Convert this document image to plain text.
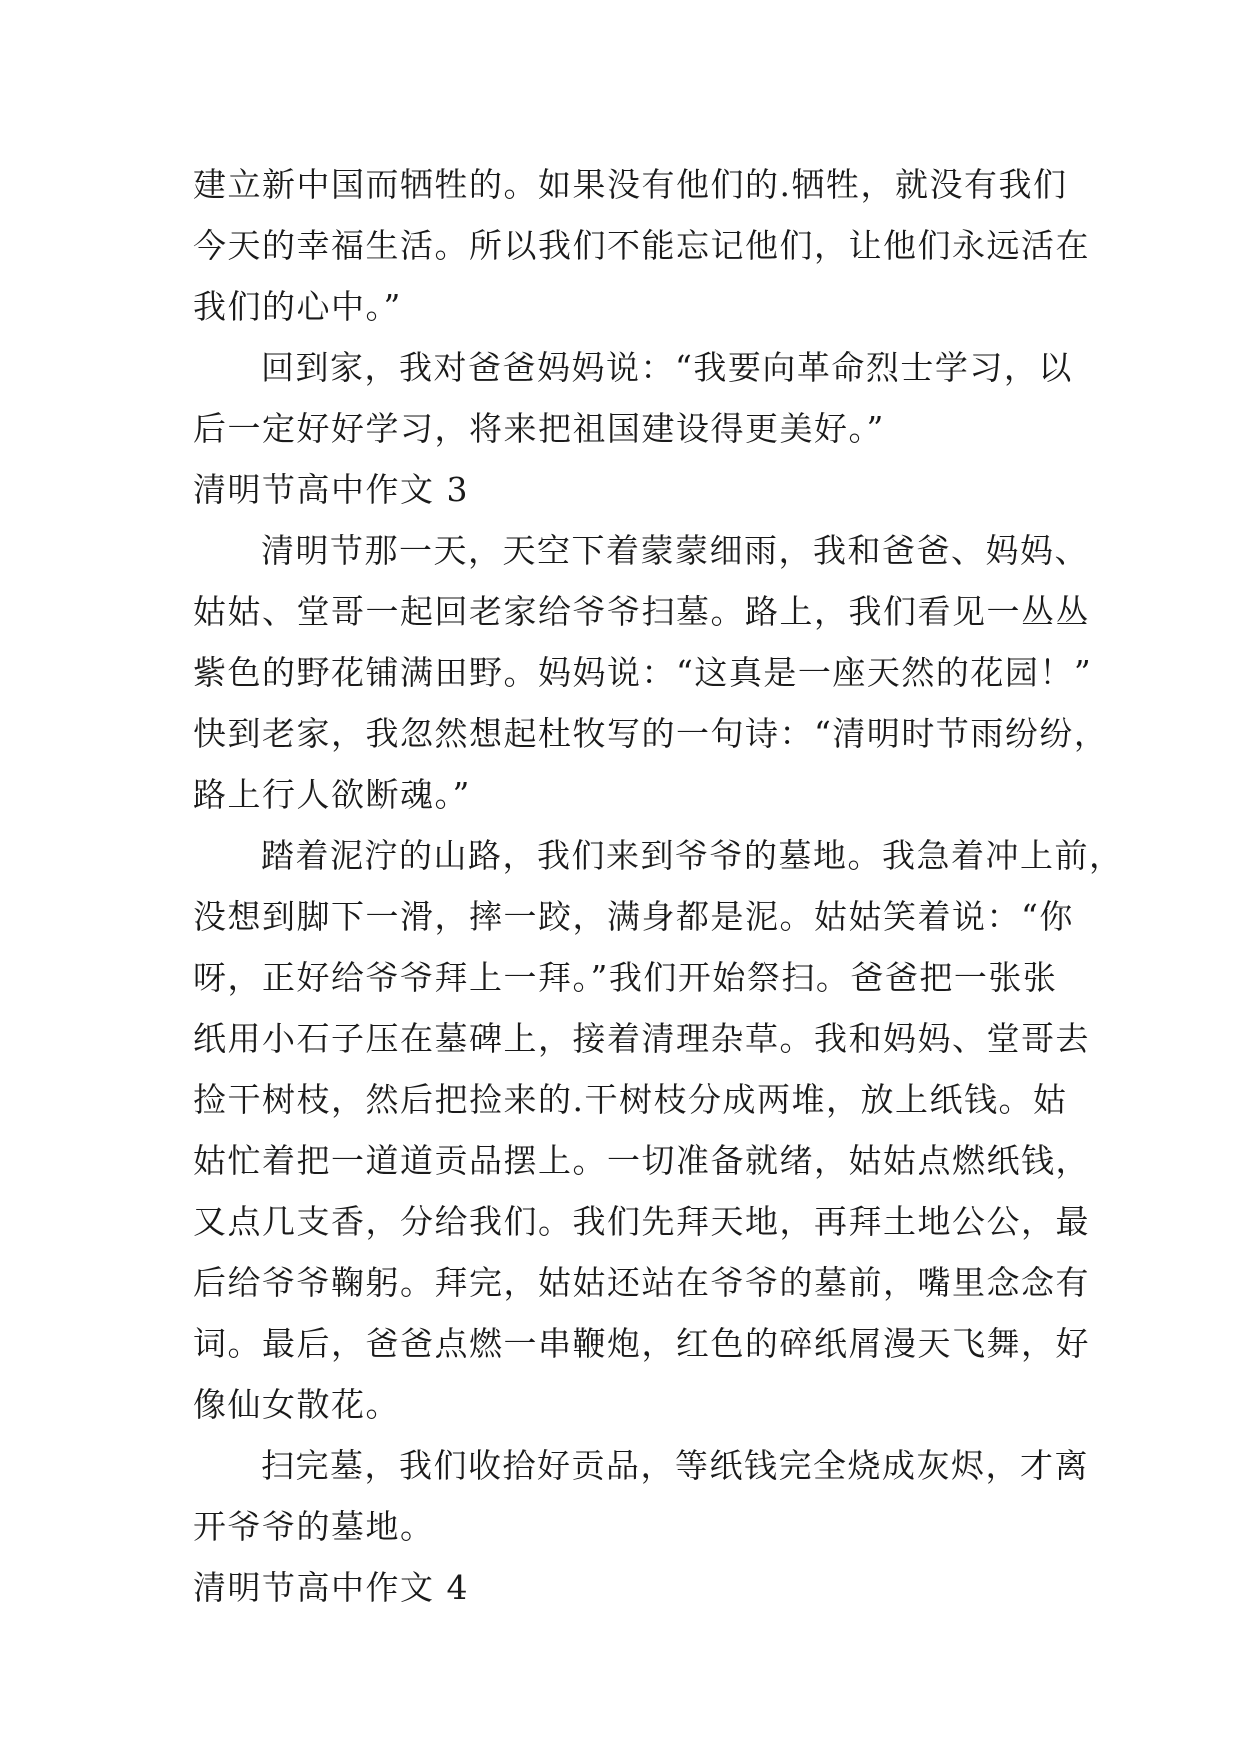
建立新中国而牺牲的。如果没有他们的.牺牲，就没有我们
今天的幸福生活。所以我们不能忘记他们，让他们永远活在
我们的心中。”
回到家，我对爸爸妈妈说：“我要向革命烈士学习，以
后一定好好学习，将来把祖国建设得更美好。”
清明节高中作文 3
清明节那一天，天空下着蒙蒙细雨，我和爸爸、妈妈、
姑姑、堂哥一起回老家给爷爷扫墓。路上，我们看见一丛丛
紫色的野花铺满田野。妈妈说：“这真是一座天然的花园！”
快到老家，我忽然想起杜牧写的一句诗：“清明时节雨纷纷，
路上行人欲断魂。”
踏着泥泞的山路，我们来到爷爷的墓地。我急着冲上前，
没想到脚下一滑，摔一跤，满身都是泥。姑姑笑着说：“你
呀，正好给爷爷拜上一拜。”我们开始祭扫。爸爸把一张张
纸用小石子压在墓碑上，接着清理杂草。我和妈妈、堂哥去
捡干树枝，然后把捡来的.干树枝分成两堆，放上纸钱。姑
姑忙着把一道道贡品摆上。一切准备就绪，姑姑点燃纸钱，
又点几支香，分给我们。我们先拜天地，再拜土地公公，最
后给爷爷鞠躬。拜完，姑姑还站在爷爷的墓前，嘴里念念有
词。最后，爸爸点燃一串鞭炮，红色的碎纸屑漫天飞舞，好
像仙女散花。
扫完墓，我们收拾好贡品，等纸钱完全烧成灰烬，才离
开爷爷的墓地。
清明节高中作文 4
